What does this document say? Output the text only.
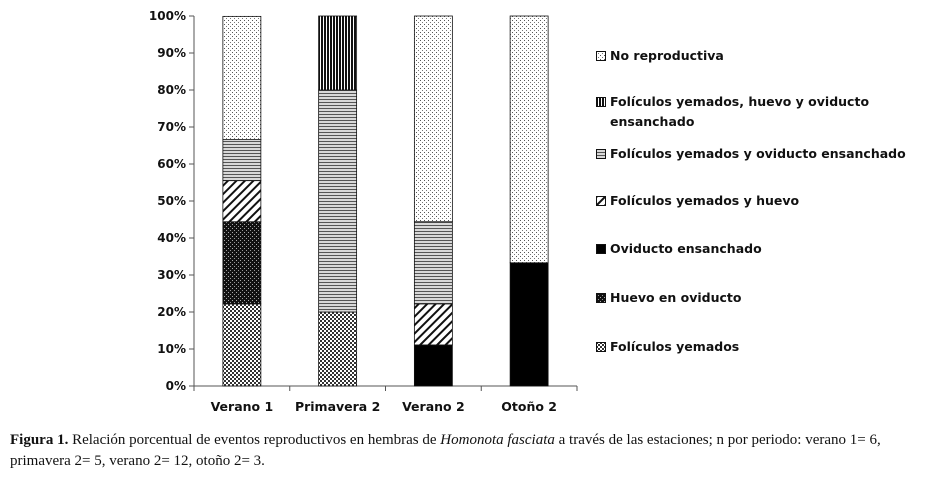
0%
10%
20%
30%
40%
50%
60%
70%
80%
90%
100%
Verano 1 Primavera 2 Verano 2	Otoño 2
No reproductiva
Folículos yemados, huevo y oviducto ensanchado
Folículos yemados y oviducto ensanchado
Folículos yemados y huevo
Oviducto ensanchado
Huevo en oviducto
Folículos yemados
Figura 1. Relación porcentual de eventos reproductivos en hembras de Homonota fasciata a través de las estaciones; n por periodo: verano 1= 6, primavera 2= 5, verano 2= 12, otoño 2= 3.
